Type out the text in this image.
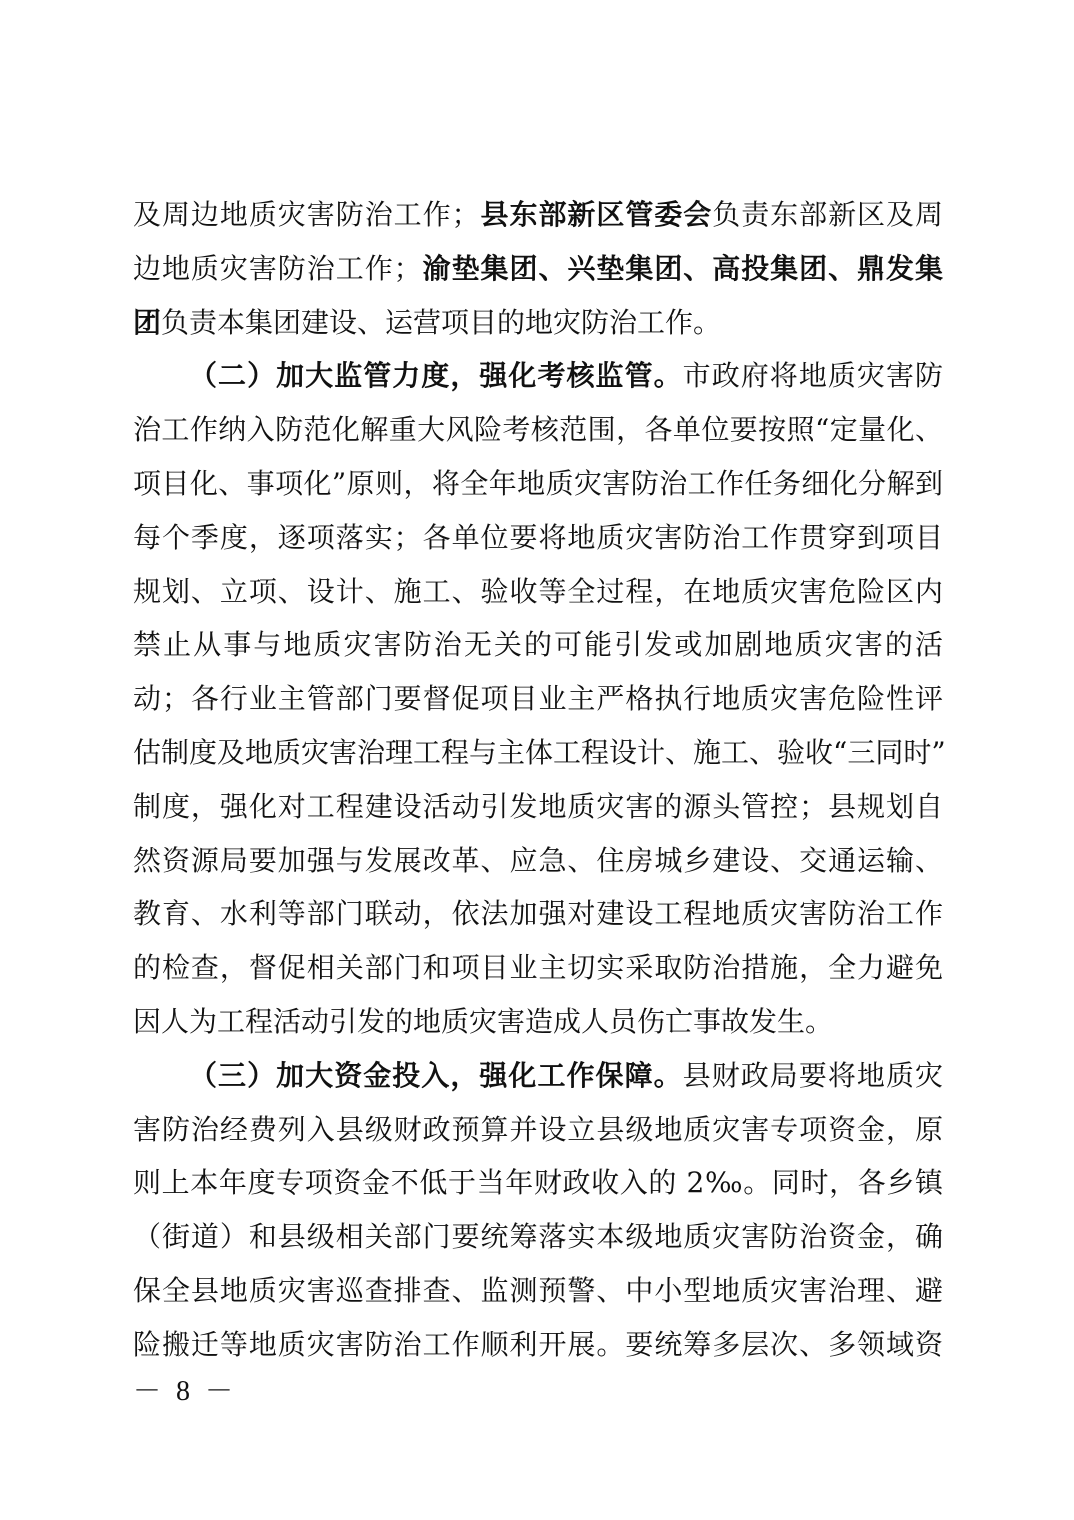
及周边地质灾害防治工作；县东部新区管委会负责东部新区及周
边地质灾害防治工作；渝垫集团、兴垫集团、高投集团、鼎发集
团负责本集团建设、运营项目的地灾防治工作。
（二）加大监管力度，强化考核监管。市政府将地质灾害防
治工作纳入防范化解重大风险考核范围，各单位要按照“定量化、
项目化、事项化”原则，将全年地质灾害防治工作任务细化分解到
每个季度，逐项落实；各单位要将地质灾害防治工作贯穿到项目
规划、立项、设计、施工、验收等全过程，在地质灾害危险区内
禁止从事与地质灾害防治无关的可能引发或加剧地质灾害的活
动；各行业主管部门要督促项目业主严格执行地质灾害危险性评
估制度及地质灾害治理工程与主体工程设计、施工、验收“三同时”
制度，强化对工程建设活动引发地质灾害的源头管控；县规划自
然资源局要加强与发展改革、应急、住房城乡建设、交通运输、
教育、水利等部门联动，依法加强对建设工程地质灾害防治工作
的检查，督促相关部门和项目业主切实采取防治措施，全力避免
因人为工程活动引发的地质灾害造成人员伤亡事故发生。
（三）加大资金投入，强化工作保障。县财政局要将地质灾
害防治经费列入县级财政预算并设立县级地质灾害专项资金，原
则上本年度专项资金不低于当年财政收入的 2‰。同时，各乡镇
（街道）和县级相关部门要统筹落实本级地质灾害防治资金，确
保全县地质灾害巡查排查、监测预警、中小型地质灾害治理、避
险搬迁等地质灾害防治工作顺利开展。要统筹多层次、多领域资
－ 8 －
